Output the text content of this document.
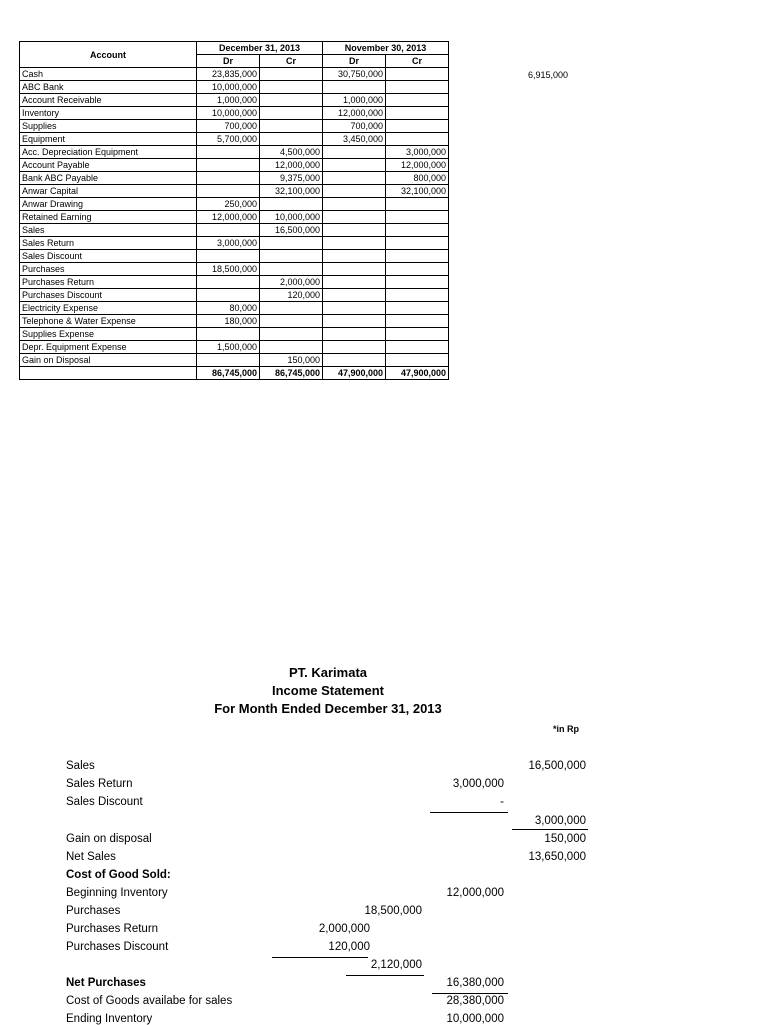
Account	December 31, 2013		November 30, 2013	
	Dr	Cr	Dr	Cr
Cash	23,835,000		30,750,000	
ABC Bank	10,000,000			
Account Receivable	1,000,000		1,000,000	
Inventory	10,000,000		12,000,000	
Supplies	700,000		700,000	
Equipment	5,700,000		3,450,000	
Acc. Depreciation Equipment		4,500,000		3,000,000
Account Payable		12,000,000		12,000,000
Bank ABC Payable		9,375,000		800,000
Anwar Capital		32,100,000		32,100,000
Anwar Drawing	250,000			
Retained Earning	12,000,000	10,000,000		
Sales		16,500,000		
Sales Return	3,000,000			
Sales Discount				
Purchases	18,500,000			
Purchases Return		2,000,000		
Purchases Discount		120,000		
Electricity Expense	80,000			
Telephone & Water Expense	180,000			
Supplies Expense				
Depr. Equipment Expense	1,500,000			
Gain on Disposal		150,000		
	86,745,000	86,745,000	47,900,000	47,900,000
6,915,000
PT. Karimata
Income Statement
For Month Ended December 31, 2013
*in Rp
Sales	16,500,000
Sales Return	3,000,000
Sales Discount	-
3,000,000
Gain on disposal	150,000
Net Sales	13,650,000
Cost of Good Sold:
Beginning Inventory	12,000,000
Purchases	18,500,000
Purchases Return	2,000,000
Purchases Discount	120,000
2,120,000
Net Purchases	16,380,000
Cost of Goods availabe for sales	28,380,000
Ending Inventory	10,000,000
